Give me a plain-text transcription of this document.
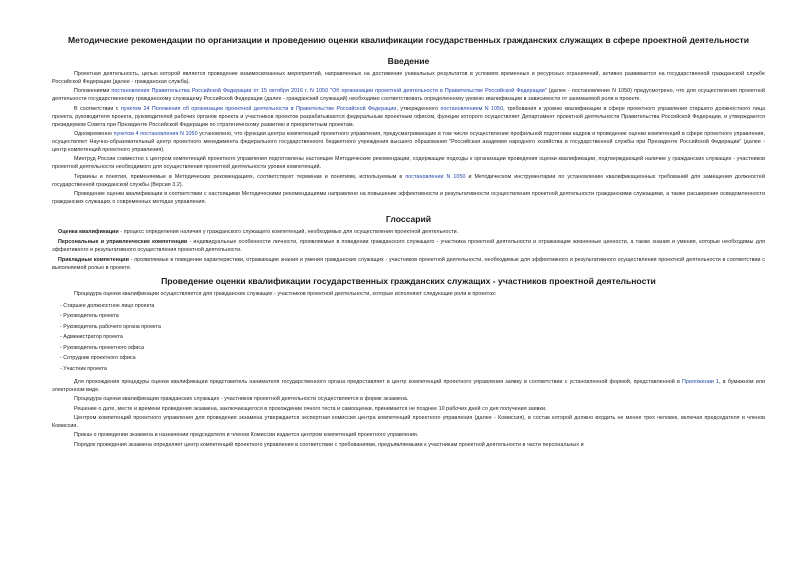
Методические рекомендации по организации и проведению оценки квалификации государственных гражданских служащих в сфере проектной деятельности
Введение

Проектная деятельность, целью которой является проведение взаимосвязанных мероприятий, направленных на достижение уникальных результатов в условиях временных и ресурсных ограничений, активно развивается на государственной гражданской службе Российской Федерации (далее - гражданская служба).

Положениями постановления Правительства Российской Федерации от 15 октября 2016 г. N 1050 "Об организации проектной деятельности в Правительстве Российской Федерации" (далее - постановление N 1050) предусмотрено, что для осуществления проектной деятельности государственному гражданскому служащему Российской Федерации (далее - гражданский служащий) необходимо соответствовать определенному уровню квалификации в зависимости от занимаемой роли в проекте.

В соответствии с пунктом 24 Положения об организации проектной деятельности в Правительстве Российской Федерации, утвержденного постановлением N 1050, требования к уровню квалификации в сфере проектного управления старшего должностного лица проекта, руководителя проекта, руководителей рабочих органов проекта и участников проектов разрабатываются федеральным проектным офисом, функции которого осуществляет Департамент проектной деятельности Правительства Российской Федерации, и утверждаются президиумом Совета при Президенте Российской Федерации по стратегическому развитию и приоритетным проектам.

Одновременно пунктом 4 постановления N 1050 установлено, что функции центра компетенций проектного управления, предусматривающие в том числе осуществление профильной подготовки кадров и проведение оценки компетенций в сфере проектного управления, осуществляет Научно-образовательный центр проектного менеджмента федерального государственного бюджетного учреждения высшего образования "Российская академия народного хозяйства и государственной службы при Президенте Российской Федерации" (далее - центр компетенций проектного управления).

Минтруд России совместно с центром компетенций проектного управления подготовлены настоящие Методические рекомендации, содержащие подходы к организации проведения оценки квалификации, подтверждающей наличие у гражданских служащих - участников проектной деятельности необходимого для осуществления проектной деятельности уровня компетенций.

Термины и понятия, применяемые в Методических рекомендациях, соответствуют терминам и понятиям, используемым в постановлении N 1050 и Методическом инструментарии по установлению квалификационных требований для замещения должностей государственной гражданской службы (Версия 3.2).

Проведение оценки квалификации в соответствии с настоящими Методическими рекомендациями направлено на повышение эффективности и результативности осуществления проектной деятельности гражданскими служащими, а также расширение осведомленности гражданских служащих о современных методах управления.

Глоссарий

Оценка квалификации - процесс определения наличия у гражданского служащего компетенций, необходимых для осуществления проектной деятельности.

Персональные и управленческие компетенции - индивидуальные особенности личности, проявляемые в поведении гражданского служащего - участника проектной деятельности и отражающие жизненные ценности, а также знания и умения, которые необходимы для эффективного и результативного осуществления проектной деятельности.

Прикладные компетенции - проявляемые в поведении характеристики, отражающие знания и умения гражданских служащих - участников проектной деятельности, необходимые для эффективного и результативного осуществления проектной деятельности в соответствии с выполняемой ролью в проекте.

Проведение оценки квалификации государственных гражданских служащих - участников проектной деятельности

Процедура оценки квалификации осуществляется для гражданских служащих - участников проектной деятельности, которые исполняют следующие роли в проектах:

- Старшее должностное лицо проекта
- Руководитель проекта
- Руководитель рабочего органа проекта
- Администратор проекта
- Руководитель проектного офиса
- Сотрудник проектного офиса
- Участник проекта

Для прохождения процедуры оценки квалификации представитель нанимателя государственного органа предоставляет в центр компетенций проектного управления заявку в соответствии с установленной формой, представленной в Приложении 1, в бумажном или электронном виде.

Процедура оценки квалификации гражданских служащих - участников проектной деятельности осуществляется в форме экзамена.

Решение о дате, месте и времени проведения экзамена, заключающегося в прохождении очного теста и самооценки, принимается не позднее 10 рабочих дней со дня получения заявки.

Центром компетенций проектного управления для проведения экзамена утверждается экспертная комиссия центра компетенций проектного управления (далее - Комиссия), в состав которой должно входить не менее трех человек, включая председателя и членов Комиссии.

Приказ о проведении экзамена и назначении председателя и членов Комиссии издается центром компетенций проектного управления.

Порядок проведения экзамена определяет центр компетенций проектного управления в соответствии с требованиями, предъявляемыми к участникам проектной деятельности в части персональных и
